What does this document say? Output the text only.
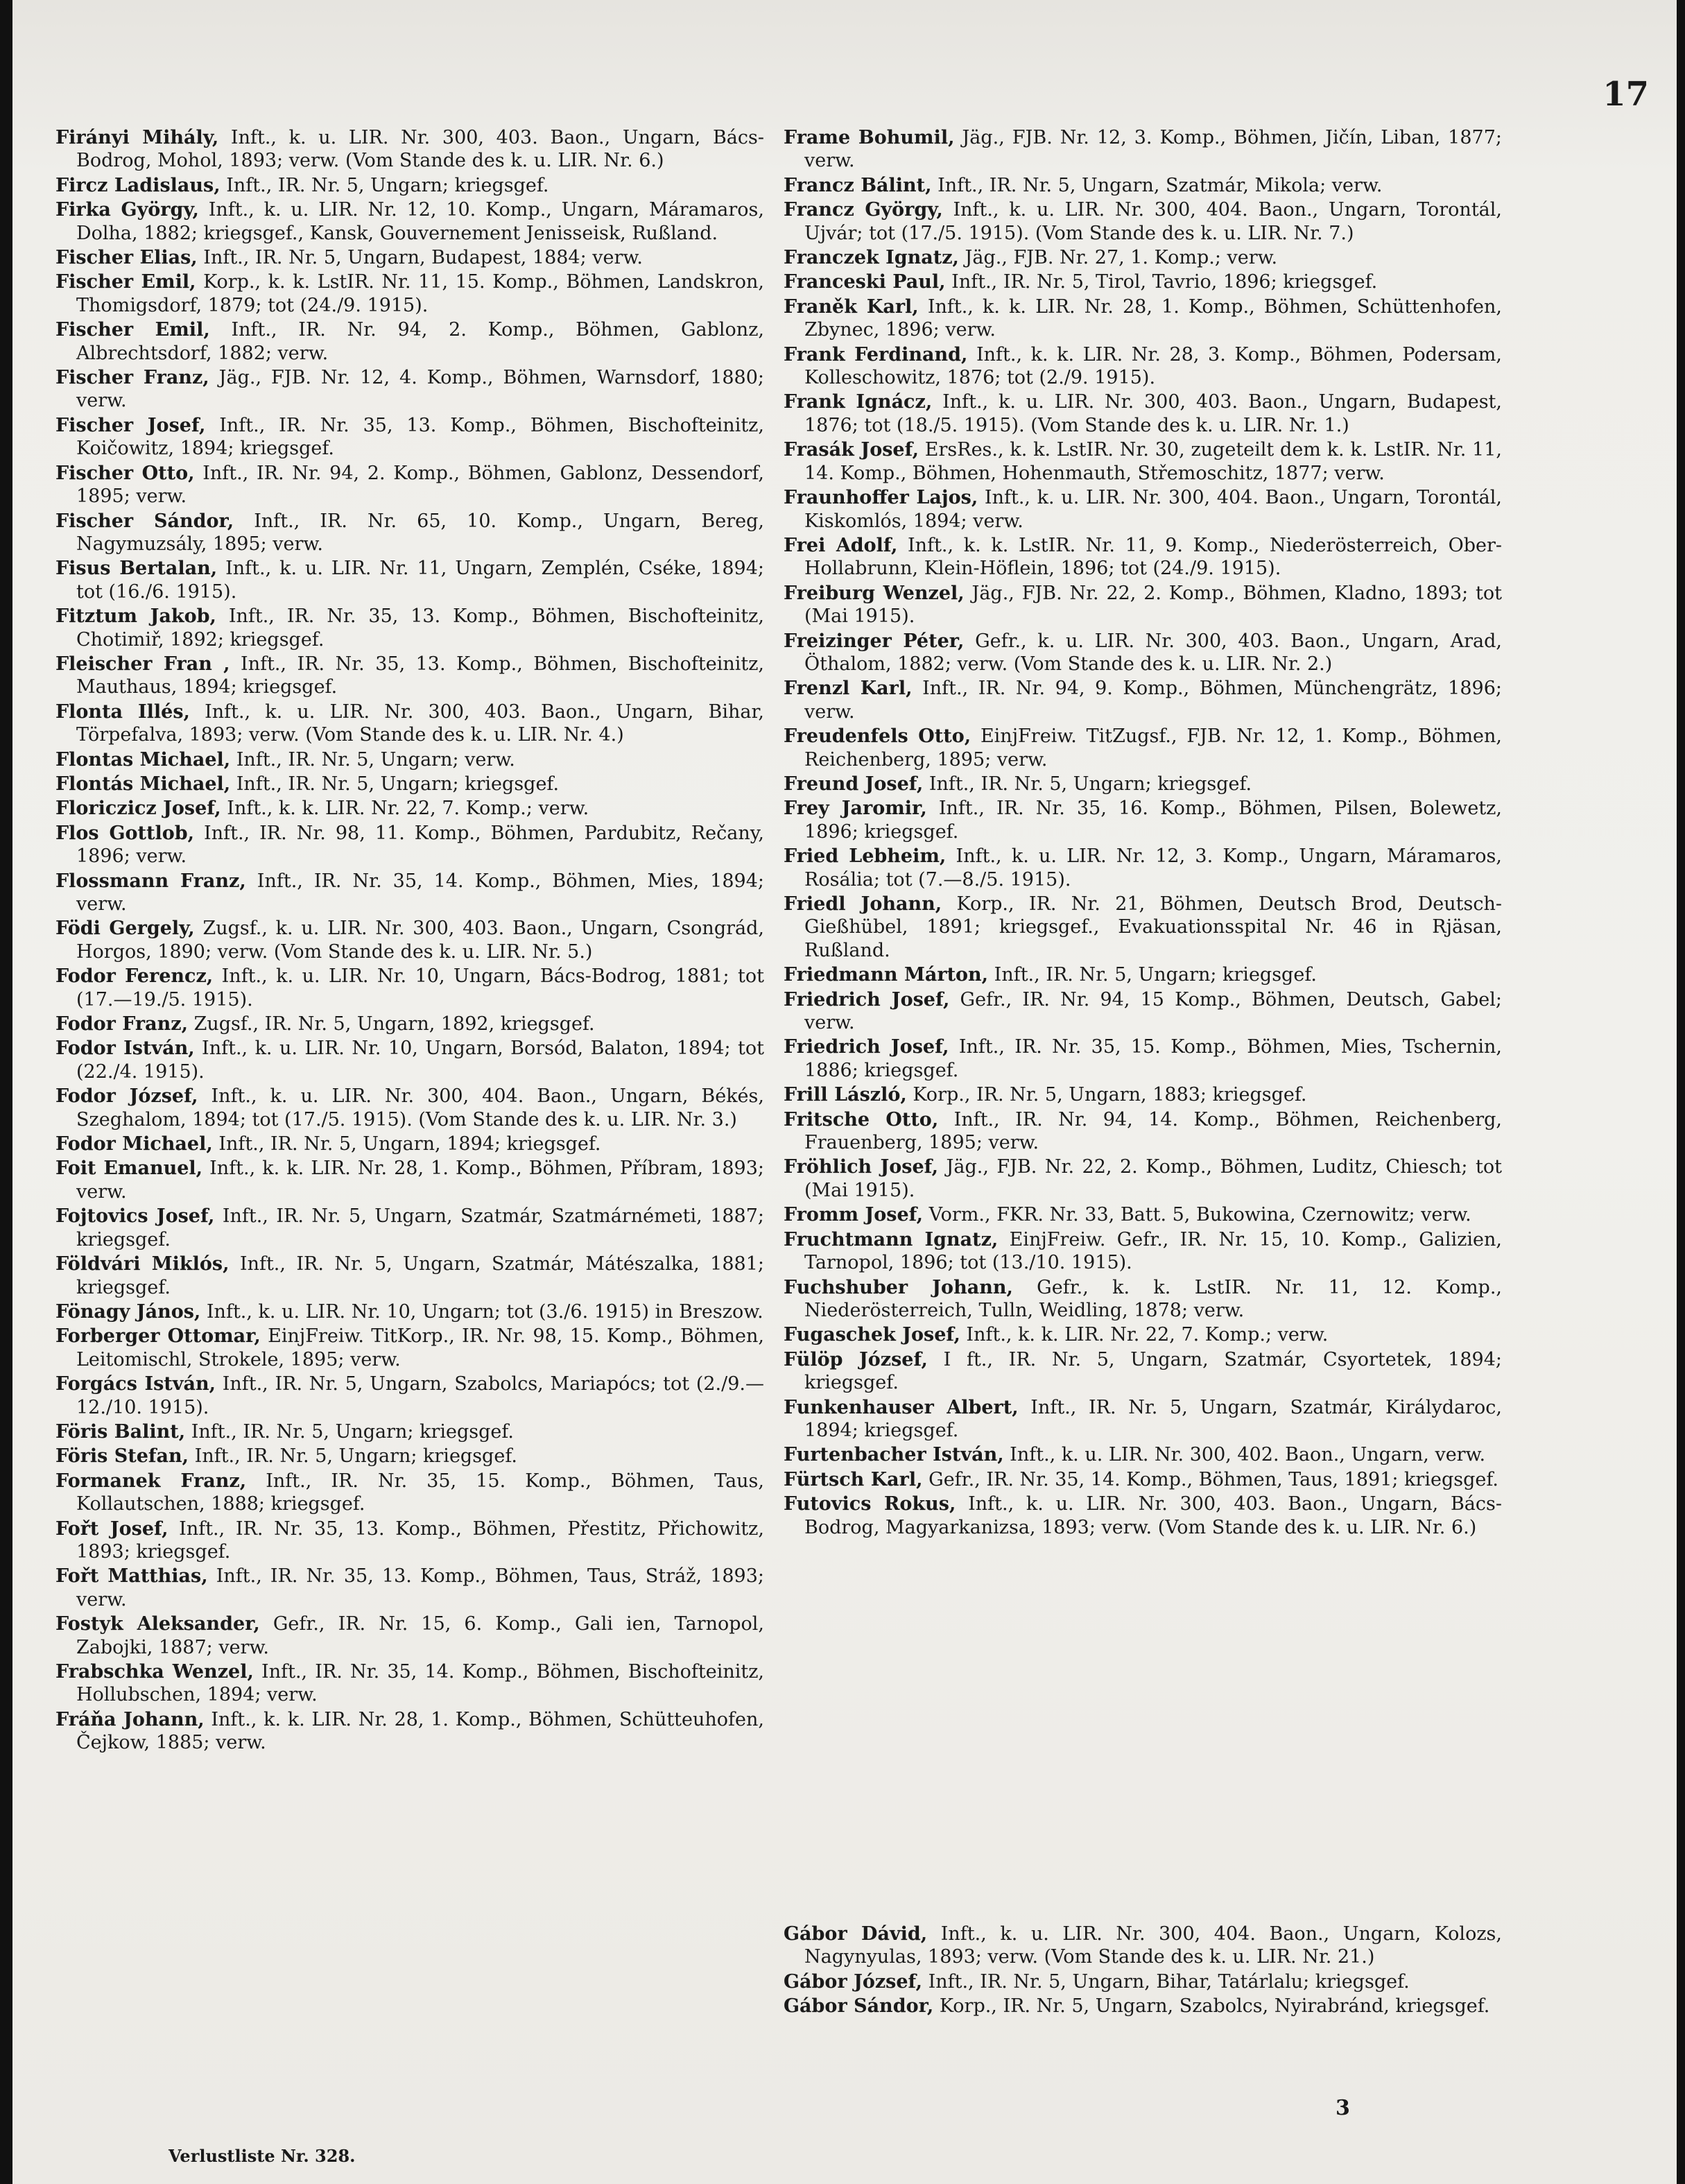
17

Firányi Mihály, Inft., k. u. LIR. Nr. 300, 403. Baon., Ungarn, Bács-Bodrog, Mohol, 1893; verw. (Vom Stande des k. u. LIR. Nr. 6.)
Fircz Ladislaus, Inft., IR. Nr. 5, Ungarn; kriegsgef.
Firka György, Inft., k. u. LIR. Nr. 12, 10. Komp., Ungarn, Máramaros, Dolha, 1882; kriegsgef., Kansk, Gouvernement Jenisseisk, Rußland.
Fischer Elias, Inft., IR. Nr. 5, Ungarn, Budapest, 1884; verw.
Fischer Emil, Korp., k. k. LstIR. Nr. 11, 15. Komp., Böhmen, Landskron, Thomigsdorf, 1879; tot (24./9. 1915).
Fischer Emil, Inft., IR. Nr. 94, 2. Komp., Böhmen, Gablonz, Albrechtsdorf, 1882; verw.
Fischer Franz, Jäg., FJB. Nr. 12, 4. Komp., Böhmen, Warnsdorf, 1880; verw.
Fischer Josef, Inft., IR. Nr. 35, 13. Komp., Böhmen, Bischofteinitz, Koičowitz, 1894; kriegsgef.
Fischer Otto, Inft., IR. Nr. 94, 2. Komp., Böhmen, Gablonz, Dessendorf, 1895; verw.
Fischer Sándor, Inft., IR. Nr. 65, 10. Komp., Ungarn, Bereg, Nagymuzsály, 1895; verw.
Fisus Bertalan, Inft., k. u. LIR. Nr. 11, Ungarn, Zemplén, Cséke, 1894; tot (16./6. 1915).
Fitztum Jakob, Inft., IR. Nr. 35, 13. Komp., Böhmen, Bischofteinitz, Chotimiř, 1892; kriegsgef.
Fleischer Fran , Inft., IR. Nr. 35, 13. Komp., Böhmen, Bischofteinitz, Mauthaus, 1894; kriegsgef.
Flonta Illés, Inft., k. u. LIR. Nr. 300, 403. Baon., Ungarn, Bihar, Törpefalva, 1893; verw. (Vom Stande des k. u. LIR. Nr. 4.)
Flontas Michael, Inft., IR. Nr. 5, Ungarn; verw.
Flontás Michael, Inft., IR. Nr. 5, Ungarn; kriegsgef.
Floriczicz Josef, Inft., k. k. LIR. Nr. 22, 7. Komp.; verw.
Flos Gottlob, Inft., IR. Nr. 98, 11. Komp., Böhmen, Pardubitz, Rečany, 1896; verw.
Flossmann Franz, Inft., IR. Nr. 35, 14. Komp., Böhmen, Mies, 1894; verw.
Födi Gergely, Zugsf., k. u. LIR. Nr. 300, 403. Baon., Ungarn, Csongrád, Horgos, 1890; verw. (Vom Stande des k. u. LIR. Nr. 5.)
Fodor Ferencz, Inft., k. u. LIR. Nr. 10, Ungarn, Bács-Bodrog, 1881; tot (17.—19./5. 1915).
Fodor Franz, Zugsf., IR. Nr. 5, Ungarn, 1892, kriegsgef.
Fodor István, Inft., k. u. LIR. Nr. 10, Ungarn, Borsód, Balaton, 1894; tot (22./4. 1915).
Fodor József, Inft., k. u. LIR. Nr. 300, 404. Baon., Ungarn, Békés, Szeghalom, 1894; tot (17./5. 1915). (Vom Stande des k. u. LIR. Nr. 3.)
Fodor Michael, Inft., IR. Nr. 5, Ungarn, 1894; kriegsgef.
Foit Emanuel, Inft., k. k. LIR. Nr. 28, 1. Komp., Böhmen, Příbram, 1893; verw.
Fojtovics Josef, Inft., IR. Nr. 5, Ungarn, Szatmár, Szatmárnémeti, 1887; kriegsgef.
Földvári Miklós, Inft., IR. Nr. 5, Ungarn, Szatmár, Mátészalka, 1881; kriegsgef.
Fönagy János, Inft., k. u. LIR. Nr. 10, Ungarn; tot (3./6. 1915) in Breszow.
Forberger Ottomar, EinjFreiw. TitKorp., IR. Nr. 98, 15. Komp., Böhmen, Leitomischl, Strokele, 1895; verw.
Forgács István, Inft., IR. Nr. 5, Ungarn, Szabolcs, Mariapócs; tot (2./9.—12./10. 1915).
Föris Balint, Inft., IR. Nr. 5, Ungarn; kriegsgef.
Föris Stefan, Inft., IR. Nr. 5, Ungarn; kriegsgef.
Formanek Franz, Inft., IR. Nr. 35, 15. Komp., Böhmen, Taus, Kollautschen, 1888; kriegsgef.
Fořt Josef, Inft., IR. Nr. 35, 13. Komp., Böhmen, Přestitz, Přichowitz, 1893; kriegsgef.
Fořt Matthias, Inft., IR. Nr. 35, 13. Komp., Böhmen, Taus, Stráž, 1893; verw.
Fostyk Aleksander, Gefr., IR. Nr. 15, 6. Komp., Gali ien, Tarnopol, Zabojki, 1887; verw.
Frabschka Wenzel, Inft., IR. Nr. 35, 14. Komp., Böhmen, Bischofteinitz, Hollubschen, 1894; verw.
Fráňa Johann, Inft., k. k. LIR. Nr. 28, 1. Komp., Böhmen, Schütteuhofen, Čejkow, 1885; verw.
Frame Bohumil, Jäg., FJB. Nr. 12, 3. Komp., Böhmen, Jičín, Liban, 1877; verw.
Francz Bálint, Inft., IR. Nr. 5, Ungarn, Szatmár, Mikola; verw.
Francz György, Inft., k. u. LIR. Nr. 300, 404. Baon., Ungarn, Torontál, Ujvár; tot (17./5. 1915). (Vom Stande des k. u. LIR. Nr. 7.)
Franczek Ignatz, Jäg., FJB. Nr. 27, 1. Komp.; verw.
Franceski Paul, Inft., IR. Nr. 5, Tirol, Tavrio, 1896; kriegsgef.
Franěk Karl, Inft., k. k. LIR. Nr. 28, 1. Komp., Böhmen, Schüttenhofen, Zbynec, 1896; verw.
Frank Ferdinand, Inft., k. k. LIR. Nr. 28, 3. Komp., Böhmen, Podersam, Kolleschowitz, 1876; tot (2./9. 1915).
Frank Ignácz, Inft., k. u. LIR. Nr. 300, 403. Baon., Ungarn, Budapest, 1876; tot (18./5. 1915). (Vom Stande des k. u. LIR. Nr. 1.)
Frasák Josef, ErsRes., k. k. LstIR. Nr. 30, zugeteilt dem k. k. LstIR. Nr. 11, 14. Komp., Böhmen, Hohenmauth, Střemoschitz, 1877; verw.
Fraunhoffer Lajos, Inft., k. u. LIR. Nr. 300, 404. Baon., Ungarn, Torontál, Kiskomlós, 1894; verw.
Frei Adolf, Inft., k. k. LstIR. Nr. 11, 9. Komp., Niederösterreich, Ober-Hollabrunn, Klein-Höflein, 1896; tot (24./9. 1915).
Freiburg Wenzel, Jäg., FJB. Nr. 22, 2. Komp., Böhmen, Kladno, 1893; tot (Mai 1915).
Freizinger Péter, Gefr., k. u. LIR. Nr. 300, 403. Baon., Ungarn, Arad, Öthalom, 1882; verw. (Vom Stande des k. u. LIR. Nr. 2.)
Frenzl Karl, Inft., IR. Nr. 94, 9. Komp., Böhmen, Münchengrätz, 1896; verw.
Freudenfels Otto, EinjFreiw. TitZugsf., FJB. Nr. 12, 1. Komp., Böhmen, Reichenberg, 1895; verw.
Freund Josef, Inft., IR. Nr. 5, Ungarn; kriegsgef.
Frey Jaromir, Inft., IR. Nr. 35, 16. Komp., Böhmen, Pilsen, Bolewetz, 1896; kriegsgef.
Fried Lebheim, Inft., k. u. LIR. Nr. 12, 3. Komp., Ungarn, Máramaros, Rosália; tot (7.—8./5. 1915).
Friedl Johann, Korp., IR. Nr. 21, Böhmen, Deutsch Brod, Deutsch-Gießhübel, 1891; kriegsgef., Evakuationsspital Nr. 46 in Rjäsan, Rußland.
Friedmann Márton, Inft., IR. Nr. 5, Ungarn; kriegsgef.
Friedrich Josef, Gefr., IR. Nr. 94, 15 Komp., Böhmen, Deutsch, Gabel; verw.
Friedrich Josef, Inft., IR. Nr. 35, 15. Komp., Böhmen, Mies, Tschernin, 1886; kriegsgef.
Frill László, Korp., IR. Nr. 5, Ungarn, 1883; kriegsgef.
Fritsche Otto, Inft., IR. Nr. 94, 14. Komp., Böhmen, Reichenberg, Frauenberg, 1895; verw.
Fröhlich Josef, Jäg., FJB. Nr. 22, 2. Komp., Böhmen, Luditz, Chiesch; tot (Mai 1915).
Fromm Josef, Vorm., FKR. Nr. 33, Batt. 5, Bukowina, Czernowitz; verw.
Fruchtmann Ignatz, EinjFreiw. Gefr., IR. Nr. 15, 10. Komp., Galizien, Tarnopol, 1896; tot (13./10. 1915).
Fuchshuber Johann, Gefr., k. k. LstIR. Nr. 11, 12. Komp., Niederösterreich, Tulln, Weidling, 1878; verw.
Fugaschek Josef, Inft., k. k. LIR. Nr. 22, 7. Komp.; verw.
Fülöp József, I ft., IR. Nr. 5, Ungarn, Szatmár, Csyortetek, 1894; kriegsgef.
Funkenhauser Albert, Inft., IR. Nr. 5, Ungarn, Szatmár, Királydaroc, 1894; kriegsgef.
Furtenbacher István, Inft., k. u. LIR. Nr. 300, 402. Baon., Ungarn, verw.
Fürtsch Karl, Gefr., IR. Nr. 35, 14. Komp., Böhmen, Taus, 1891; kriegsgef.
Futovics Rokus, Inft., k. u. LIR. Nr. 300, 403. Baon., Ungarn, Bács-Bodrog, Magyarkanizsa, 1893; verw. (Vom Stande des k. u. LIR. Nr. 6.)
Gábor Dávid, Inft., k. u. LIR. Nr. 300, 404. Baon., Ungarn, Kolozs, Nagynyulas, 1893; verw. (Vom Stande des k. u. LIR. Nr. 21.)
Gábor József, Inft., IR. Nr. 5, Ungarn, Bihar, Tatárlalu; kriegsgef.
Gábor Sándor, Korp., IR. Nr. 5, Ungarn, Szabolcs, Nyirabránd, kriegsgef.

3

Verlustliste Nr. 328.
